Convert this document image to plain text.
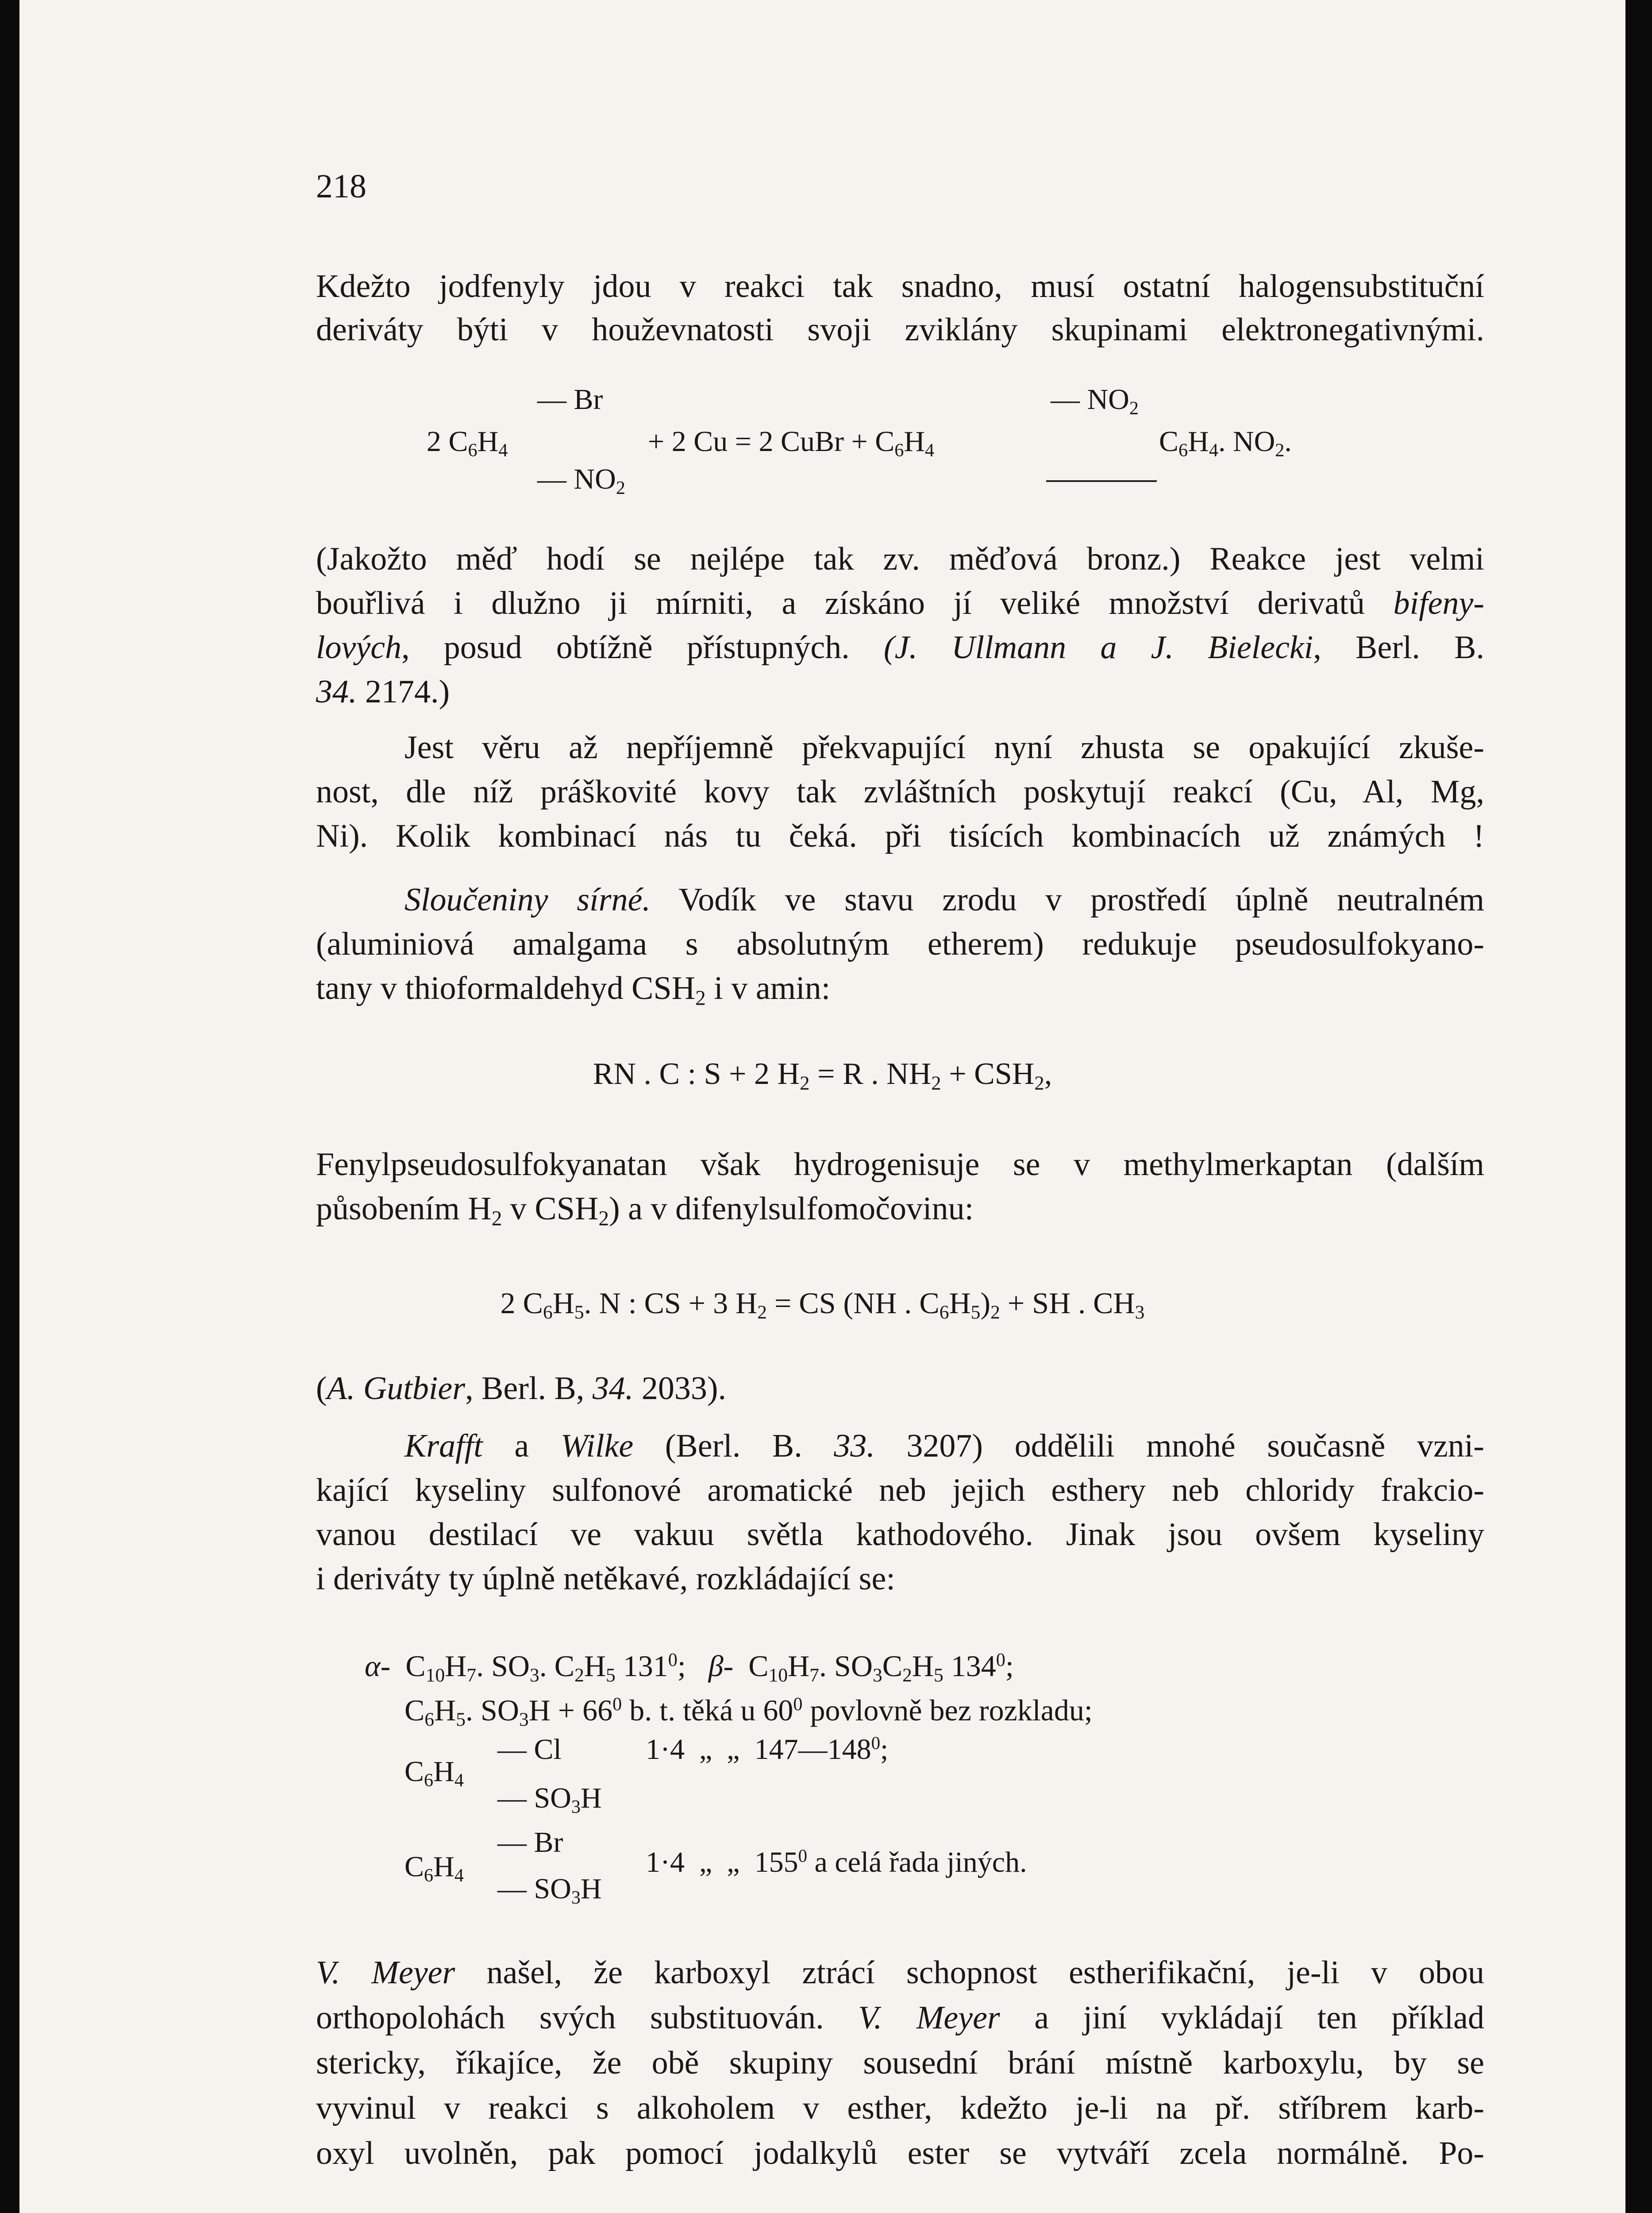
218
Kdežto jodfenyly jdou v reakci tak snadno, musí ostatní halogensubstituční
deriváty býti v houževnatosti svoji zviklány skupinami elektronegativnými.
— Br	— $NO_2$
2 $C_6H_4$	+ 2 Cu = 2 CuBr + $C_6H_4$	$C_6H_4$. $NO_2$.
— $NO_2$
(Jakožto měď hodí se nejlépe tak zv. měďová bronz.) Reakce jest velmi
bouřlivá i dlužno ji mírniti, a získáno jí veliké množství derivatů bifeny-
lových, posud obtížně přístupných. (J. Ullmann a J. Bielecki, Berl. B.
34. 2174.)
Jest věru až nepříjemně překvapující nyní zhusta se opakující zkuše-
nost, dle níž práškovité kovy tak zvláštních poskytují reakcí (Cu, Al, Mg,
Ni). Kolik kombinací nás tu čeká. při tisících kombinacích už známých !
Sloučeniny sírné. Vodík ve stavu zrodu v prostředí úplně neutralném
(aluminiová amalgama s absolutným etherem) redukuje pseudosulfokyano-
tany v thioformaldehyd $CSH_2$ i v amin:
RN . C : S + 2 $H_2 = R$ . $NH_2 + CSH_2$,
Fenylpseudosulfokyanatan však hydrogenisuje se v methylmerkaptan (dalším
působením $H_2$ v $CSH_2$) a v difenylsulfomočovinu:
2 $C_6H_5$. N : CS + 3 $H_2$ = CS (NH . $C_6H_5)_2$ + SH . $CH_3$
(A. Gutbier, Berl. B, 34. 2033).
Krafft a Wilke (Berl. B. 33. 3207) oddělili mnohé současně vzni-
kající kyseliny sulfonové aromatické neb jejich esthery neb chloridy frakcio-
vanou destilací ve vakuu světla kathodového. Jinak jsou ovšem kyseliny
i deriváty ty úplně netěkavé, rozkládající se:
α- $C_{10}H_7$. $SO_3$. $C_2H_5$ $131^0$; β- $C_{10}H_7$. $SO_3C_2H_5$ $134^0$;
$C_6H_5$. $SO_3H + 66^0$ b. t. těká u $60^0$ povlovně bez rozkladu;
— Cl
$C_6H_4$
— $SO_3H$
1·4  „  „  $147—148^0$;
— Br
$C_6H_4$ — $SO_3H$
1·4  „  „  $155^0$ a celá řada jiných.
V. Meyer našel, že karboxyl ztrácí schopnost estherifikační, je-li v obou
orthopolohách svých substituován. V. Meyer a jiní vykládají ten příklad
stericky, říkajíce, že obě skupiny sousední brání místně karboxylu, by se
vyvinul v reakci s alkoholem v esther, kdežto je-li na př. stříbrem karb-
oxyl uvolněn, pak pomocí jodalkylů ester se vytváří zcela normálně. Po-
